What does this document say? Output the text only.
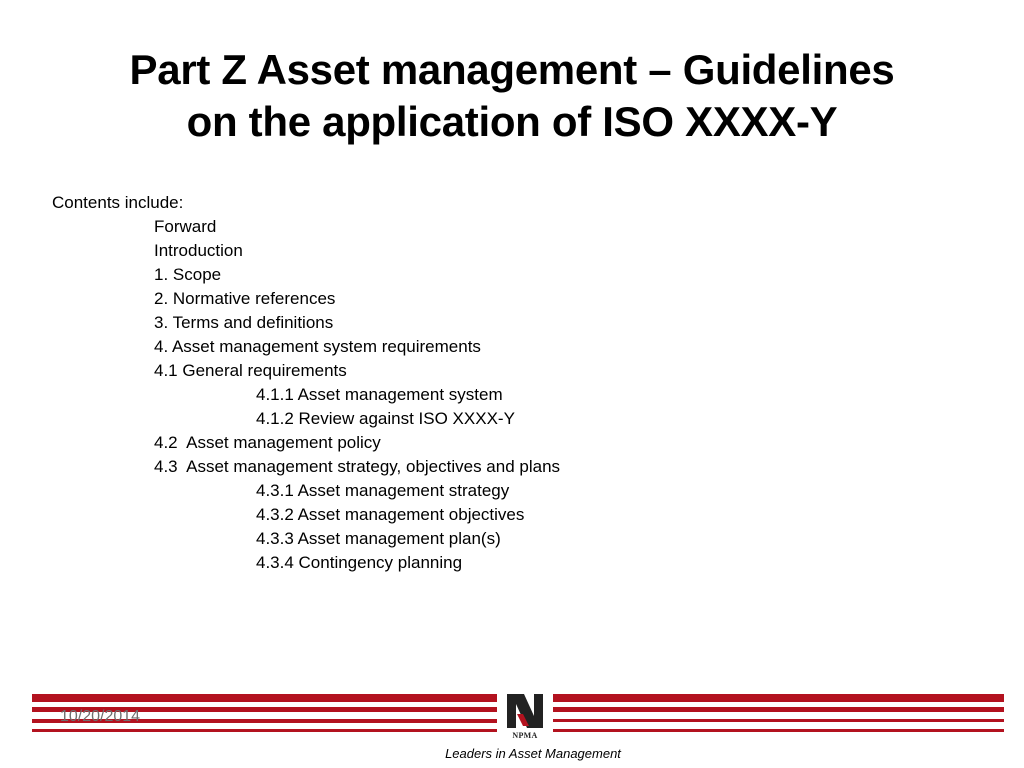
Part Z Asset management – Guidelines
on the application of ISO XXXX-Y
Contents include:
Forward
Introduction
1. Scope
2. Normative references
3. Terms and definitions
4. Asset management system requirements
4.1 General requirements
4.1.1 Asset management system
4.1.2 Review against ISO XXXX-Y
4.2  Asset management policy
4.3  Asset management strategy, objectives and plans
4.3.1 Asset management strategy
4.3.2 Asset management objectives
4.3.3 Asset management plan(s)
4.3.4 Contingency planning
10/20/2014
NPMA
Leaders in Asset Management
